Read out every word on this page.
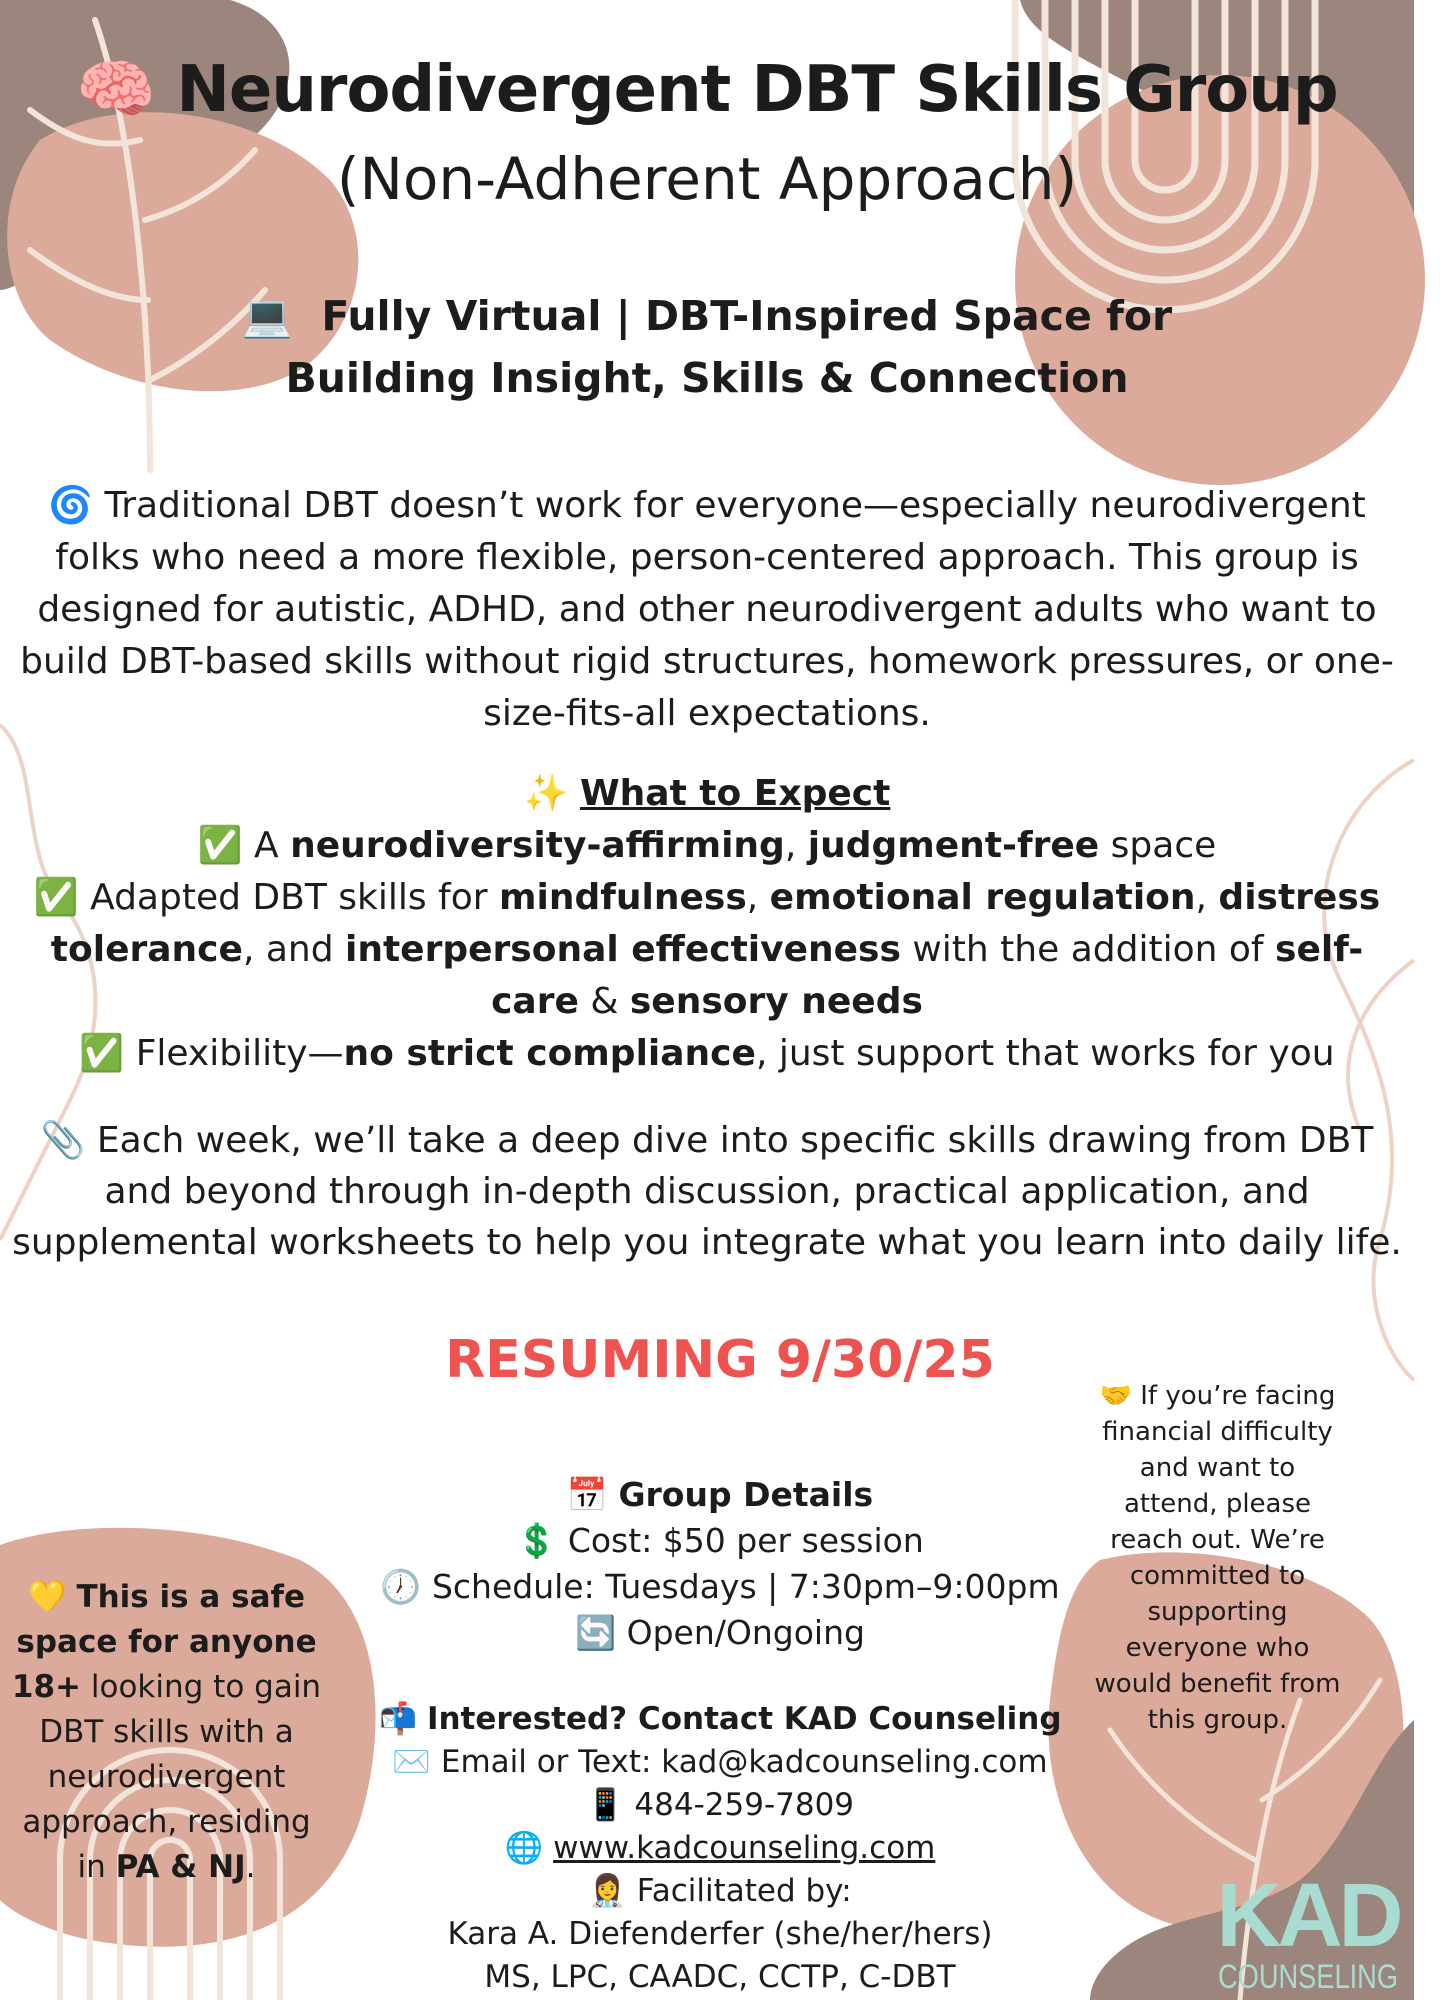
🧠 Neurodivergent DBT Skills Group
(Non-Adherent Approach)
💻 Fully Virtual | DBT-Inspired Space for
Building Insight, Skills & Connection
🌀 Traditional DBT doesn’t work for everyone—especially neurodivergent folks who need a more flexible, person-centered approach. This group is designed for autistic, ADHD, and other neurodivergent adults who want to build DBT-based skills without rigid structures, homework pressures, or one-size-fits-all expectations.
✨ What to Expect
✅ A neurodiversity-affirming, judgment-free space
✅ Adapted DBT skills for mindfulness, emotional regulation, distress tolerance, and interpersonal effectiveness with the addition of self-care & sensory needs
✅ Flexibility—no strict compliance, just support that works for you
📎 Each week, we’ll take a deep dive into specific skills drawing from DBT and beyond through in-depth discussion, practical application, and supplemental worksheets to help you integrate what you learn into daily life.
RESUMING 9/30/25
📅 Group Details
💲 Cost: $50 per session
🕖 Schedule: Tuesdays | 7:30pm–9:00pm
🔄 Open/Ongoing
📬 Interested? Contact KAD Counseling
✉️ Email or Text: kad@kadcounseling.com
📱 484-259-7809
🌐 www.kadcounseling.com
👩‍⚕️ Facilitated by:
Kara A. Diefenderfer (she/her/hers)
MS, LPC, CAADC, CCTP, C-DBT
💛 This is a safe space for anyone 18+ looking to gain DBT skills with a neurodivergent approach, residing in PA & NJ.
🤝 If you’re facing financial difficulty and want to attend, please reach out. We’re committed to supporting everyone who would benefit from this group.
KAD
COUNSELING
